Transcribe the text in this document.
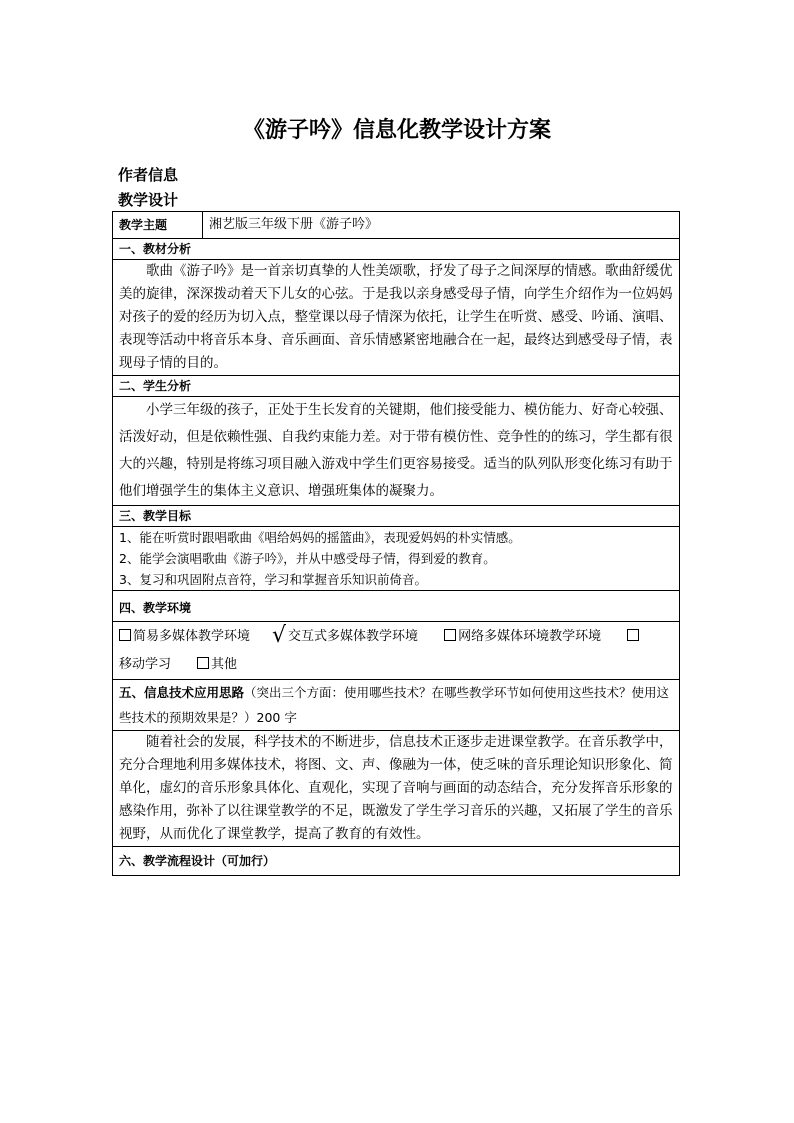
《游子吟》信息化教学设计方案
作者信息
教学设计
教学主题	湘艺版三年级下册《游子吟》
一、教材分析
歌曲《游子吟》是一首亲切真挚的人性美颂歌，抒发了母子之间深厚的情感。歌曲舒缓优美的旋律，深深拨动着天下儿女的心弦。于是我以亲身感受母子情，向学生介绍作为一位妈妈对孩子的爱的经历为切入点，整堂课以母子情深为依托，让学生在听赏、感受、吟诵、演唱、表现等活动中将音乐本身、音乐画面、音乐情感紧密地融合在一起，最终达到感受母子情，表现母子情的目的。
二、学生分析
小学三年级的孩子，正处于生长发育的关键期，他们接受能力、模仿能力、好奇心较强、活泼好动，但是依赖性强、自我约束能力差。对于带有模仿性、竞争性的的练习，学生都有很大的兴趣，特别是将练习项目融入游戏中学生们更容易接受。适当的队列队形变化练习有助于他们增强学生的集体主义意识、增强班集体的凝聚力。
三、教学目标

1、能在听赏时跟唱歌曲《唱给妈妈的摇篮曲》，表现爱妈妈的朴实情感。
2、能学会演唱歌曲《游子吟》，并从中感受母子情，得到爱的教育。
3、复习和巩固附点音符，学习和掌握音乐知识前倚音。

四、教学环境
简易多媒体教学环境 √ 交互式多媒体教学环境	网络多媒体环境教学环境
移动学习	其他
五、信息技术应用思路（突出三个方面：使用哪些技术？在哪些教学环节如何使用这些技术？使用这些技术的预期效果是？）200 字
随着社会的发展，科学技术的不断进步，信息技术正逐步走进课堂教学。在音乐教学中，充分合理地利用多媒体技术，将图、文、声、像融为一体，使乏味的音乐理论知识形象化、简单化，虚幻的音乐形象具体化、直观化，实现了音响与画面的动态结合，充分发挥音乐形象的感染作用，弥补了以往课堂教学的不足，既激发了学生学习音乐的兴趣，又拓展了学生的音乐视野，从而优化了课堂教学，提高了教育的有效性。
六、教学流程设计（可加行）
